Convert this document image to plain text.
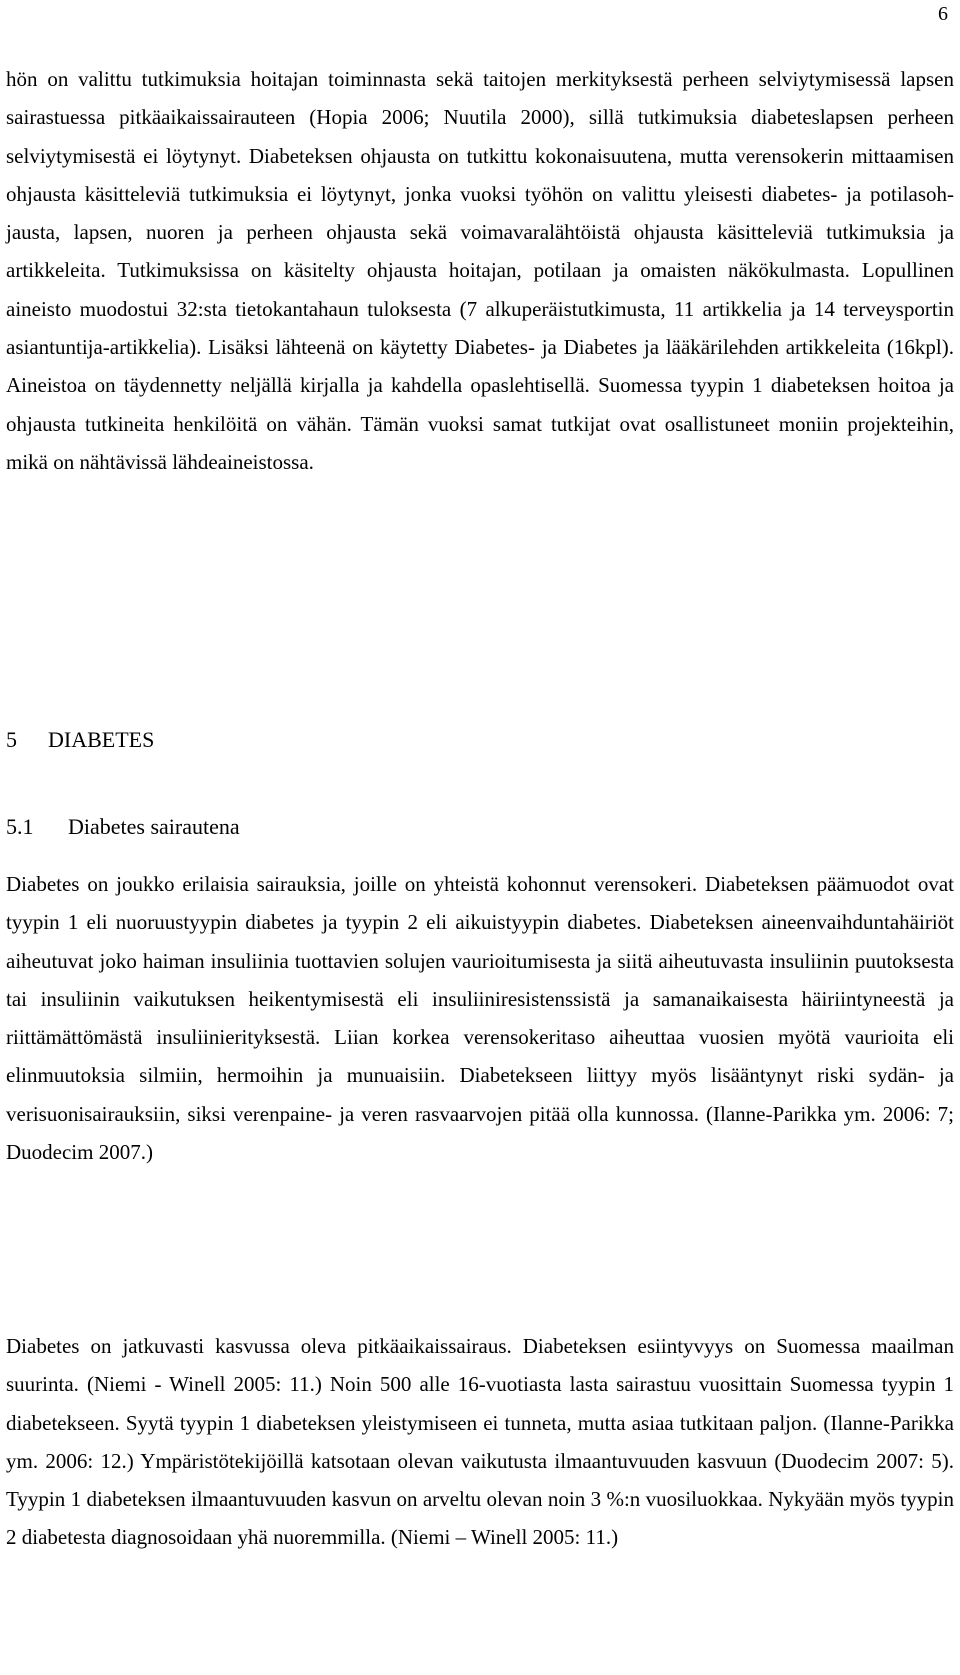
6

hön on valittu tutkimuksia hoitajan toiminnasta sekä taitojen merkityksestä perheen selviytymisessä lapsen sairastuessa pitkäaikaissairauteen (Hopia 2006; Nuutila 2000), sillä tutkimuksia diabeteslapsen perheen selviytymisestä ei löytynyt. Diabeteksen ohjausta on tutkittu kokonaisuutena, mutta verensokerin mittaamisen ohjausta käsitteleviä tutkimuksia ei löytynyt, jonka vuoksi työhön on valittu yleisesti diabetes- ja potilasohjausta, lapsen, nuoren ja perheen ohjausta sekä voimavaralähtöistä ohjausta käsitteleviä tutkimuksia ja artikkeleita. Tutkimuksissa on käsitelty ohjausta hoitajan, potilaan ja omaisten näkökulmasta. Lopullinen aineisto muodostui 32:sta tietokantahaun tuloksesta (7 alkuperäistutkimusta, 11 artikkelia ja 14 terveysportin asiantuntija-artikkelia). Lisäksi lähteenä on käytetty Diabetes- ja Diabetes ja lääkärilehden artikkeleita (16kpl). Aineistoa on täydennetty neljällä kirjalla ja kahdella opaslehtisellä. Suomessa tyypin 1 diabeteksen hoitoa ja ohjausta tutkineita henkilöitä on vähän. Tämän vuoksi samat tutkijat ovat osallistuneet moniin projekteihin, mikä on nähtävissä lähdeaineistossa.

5 DIABETES
5.1 Diabetes sairautena

Diabetes on joukko erilaisia sairauksia, joille on yhteistä kohonnut verensokeri. Diabeteksen päämuodot ovat tyypin 1 eli nuoruustyypin diabetes ja tyypin 2 eli aikuistyypin diabetes. Diabeteksen aineenvaihduntahäiriöt aiheutuvat joko haiman insuliinia tuottavien solujen vaurioitumisesta ja siitä aiheutuvasta insuliinin puutoksesta tai insuliinin vaikutuksen heikentymisestä eli insuliiniresistenssistä ja samanaikaisesta häiriintyneestä ja riittämättömästä insuliinierityksestä. Liian korkea verensokeritaso aiheuttaa vuosien myötä vaurioita eli elinmuutoksia silmiin, hermoihin ja munuaisiin. Diabetekseen liittyy myös lisääntynyt riski sydän- ja verisuonisairauksiin, siksi verenpaine- ja veren rasvaarvojen pitää olla kunnossa. (Ilanne-Parikka ym. 2006: 7; Duodecim 2007.)

Diabetes on jatkuvasti kasvussa oleva pitkäaikaissairaus. Diabeteksen esiintyvyys on Suomessa maailman suurinta. (Niemi - Winell 2005: 11.) Noin 500 alle 16-vuotiasta lasta sairastuu vuosittain Suomessa tyypin 1 diabetekseen. Syytä tyypin 1 diabeteksen yleistymiseen ei tunneta, mutta asiaa tutkitaan paljon. (Ilanne-Parikka ym. 2006: 12.) Ympäristötekijöillä katsotaan olevan vaikutusta ilmaantuvuuden kasvuun (Duodecim 2007: 5). Tyypin 1 diabeteksen ilmaantuvuuden kasvun on arveltu olevan noin 3 %:n vuosiluokkaa. Nykyään myös tyypin 2 diabetesta diagnosoidaan yhä nuoremmilla. (Niemi – Winell 2005: 11.)
